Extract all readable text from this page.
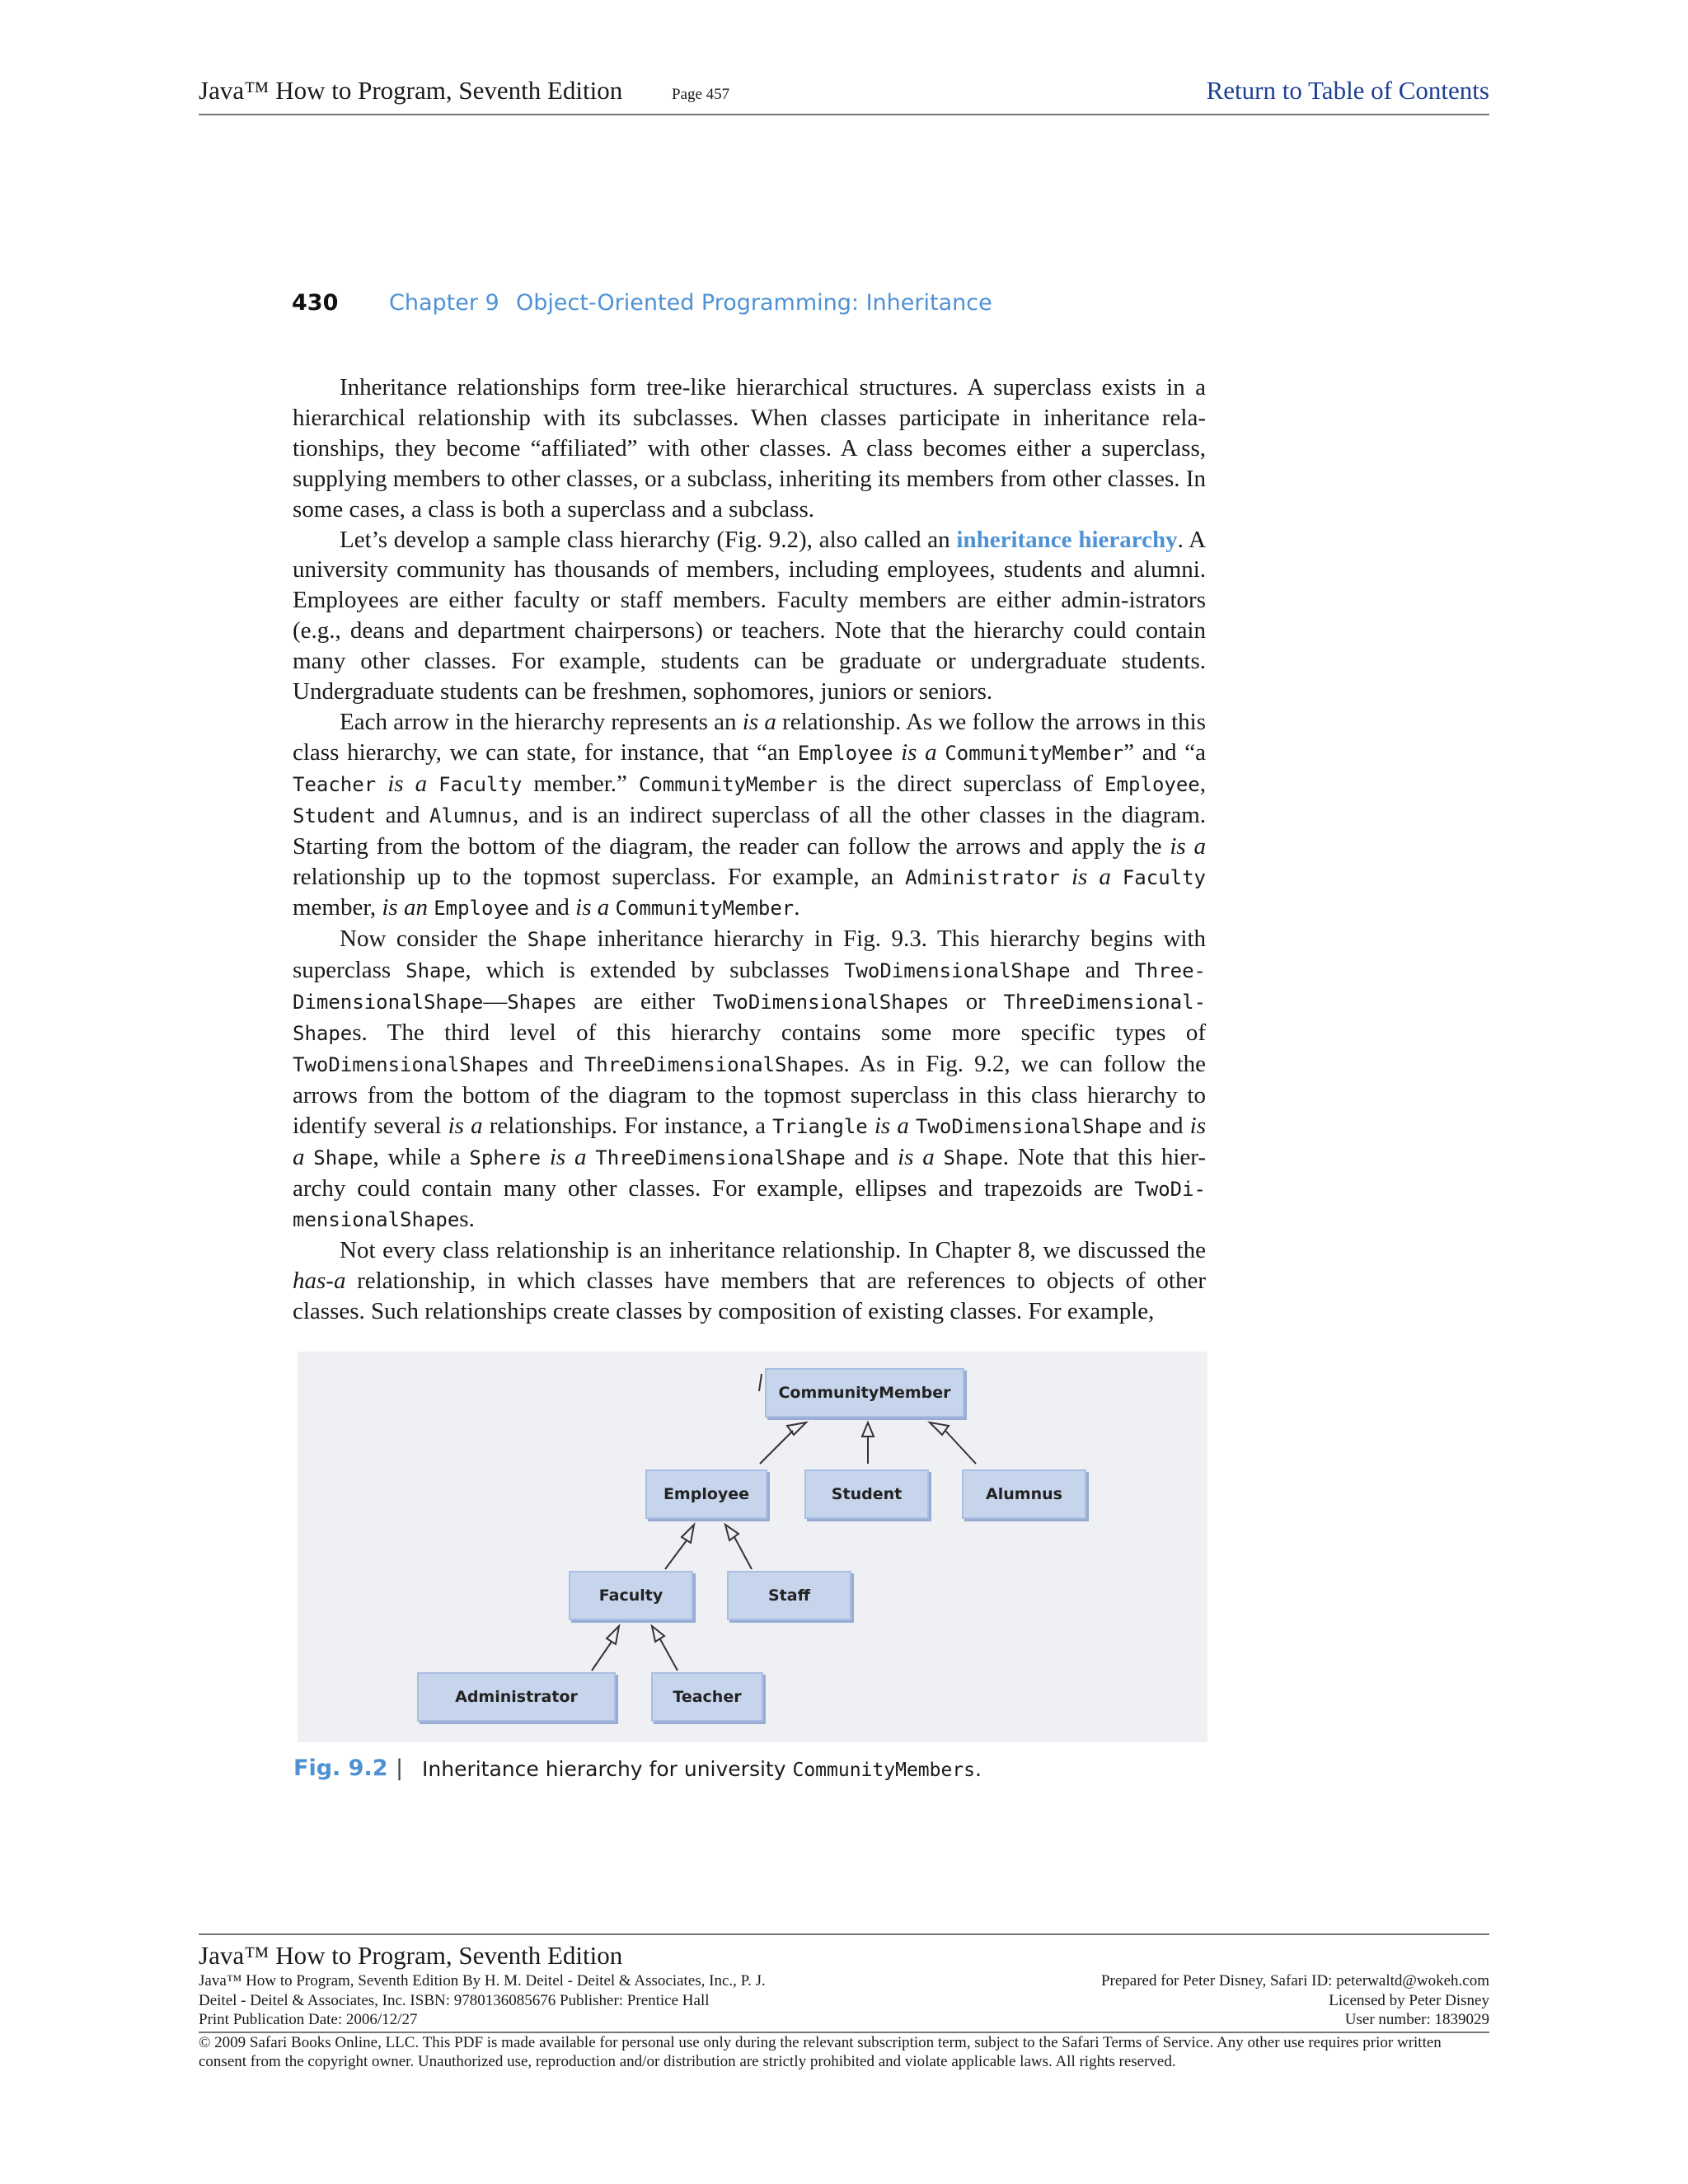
Java™ How to Program, Seventh Edition	Page 457	Return to Table of Contents
430 Chapter 9 Object-Oriented Programming: Inheritance

Inheritance relationships form tree-like hierarchical structures. A superclass exists in a hierarchical relationship with its subclasses. When classes participate in inheritance rela-tionships, they become “affiliated” with other classes. A class becomes either a superclass, supplying members to other classes, or a subclass, inheriting its members from other classes. In some cases, a class is both a superclass and a subclass.

Let’s develop a sample class hierarchy (Fig. 9.2), also called an inheritance hierarchy. A university community has thousands of members, including employees, students and alumni. Employees are either faculty or staff members. Faculty members are either admin-istrators (e.g., deans and department chairpersons) or teachers. Note that the hierarchy could contain many other classes. For example, students can be graduate or undergraduate students. Undergraduate students can be freshmen, sophomores, juniors or seniors.

Each arrow in the hierarchy represents an is a relationship. As we follow the arrows in this class hierarchy, we can state, for instance, that “an Employee is a CommunityMember” and “a Teacher is a Faculty member.” CommunityMember is the direct superclass of Employee, Student and Alumnus, and is an indirect superclass of all the other classes in the diagram. Starting from the bottom of the diagram, the reader can follow the arrows and apply the is a relationship up to the topmost superclass. For example, an Administrator is a Faculty member, is an Employee and is a CommunityMember.

Now consider the Shape inheritance hierarchy in Fig. 9.3. This hierarchy begins with superclass Shape, which is extended by subclasses TwoDimensionalShape and Three-DimensionalShape—Shapes are either TwoDimensionalShapes or ThreeDimensional-Shapes. The third level of this hierarchy contains some more specific types of TwoDimensionalShapes and ThreeDimensionalShapes. As in Fig. 9.2, we can follow the arrows from the bottom of the diagram to the topmost superclass in this class hierarchy to identify several is a relationships. For instance, a Triangle is a TwoDimensionalShape and is a Shape, while a Sphere is a ThreeDimensionalShape and is a Shape. Note that this hier-archy could contain many other classes. For example, ellipses and trapezoids are TwoDi-mensionalShapes.

Not every class relationship is an inheritance relationship. In Chapter 8, we discussed the has-a relationship, in which classes have members that are references to objects of other classes. Such relationships create classes by composition of existing classes. For example,

CommunityMember
Employee	Student	Alumnus
Faculty	Staff
Administrator	Teacher
Fig. 9.2 | Inheritance hierarchy for university CommunityMembers.
Java™ How to Program, Seventh Edition
Java™ How to Program, Seventh Edition By H. M. Deitel - Deitel & Associates, Inc., P. J.	Prepared for Peter Disney, Safari ID: peterwaltd@wokeh.com
Deitel - Deitel & Associates, Inc. ISBN: 9780136085676 Publisher: Prentice Hall	Licensed by Peter Disney
Print Publication Date: 2006/12/27	User number: 1839029
© 2009 Safari Books Online, LLC. This PDF is made available for personal use only during the relevant subscription term, subject to the Safari Terms of Service. Any other use requires prior written consent from the copyright owner. Unauthorized use, reproduction and/or distribution are strictly prohibited and violate applicable laws. All rights reserved.
